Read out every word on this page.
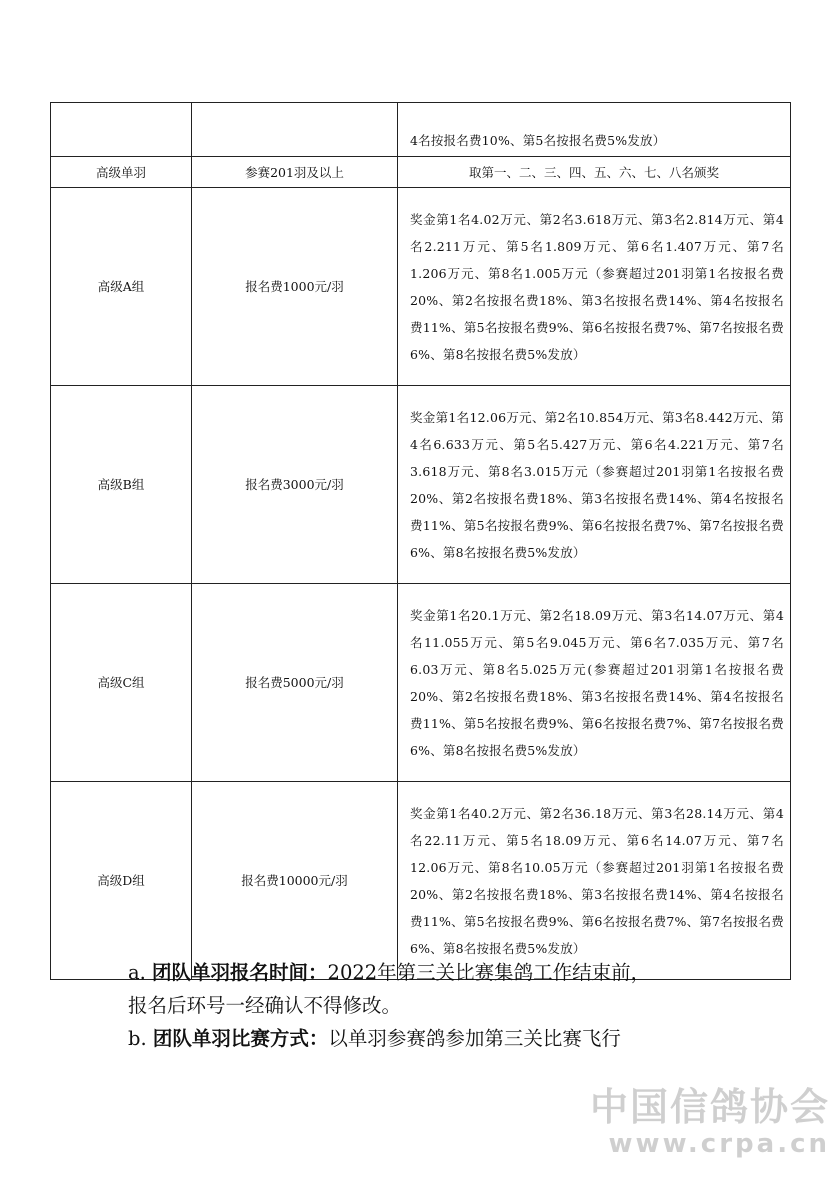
		4名按报名费10%、第5名按报名费5%发放）

高级单羽	参赛201羽及以上	取第一、二、三、四、五、六、七、八名颁奖
高级A组	报名费1000元/羽	奖金第1名4.02万元、第2名3.618万元、第3名2.814万元、第4名2.211万元、第5名1.809万元、第6名1.407万元、第7名1.206万元、第8名1.005万元（参赛超过201羽第1名按报名费20%、第2名按报名费18%、第3名按报名费14%、第4名按报名费11%、第5名按报名费9%、第6名按报名费7%、第7名按报名费6%、第8名按报名费5%发放）

高级B组	报名费3000元/羽	奖金第1名12.06万元、第2名10.854万元、第3名8.442万元、第4名6.633万元、第5名5.427万元、第6名4.221万元、第7名3.618万元、第8名3.015万元（参赛超过201羽第1名按报名费20%、第2名按报名费18%、第3名按报名费14%、第4名按报名费11%、第5名按报名费9%、第6名按报名费7%、第7名按报名费6%、第8名按报名费5%发放）

高级C组	报名费5000元/羽	奖金第1名20.1万元、第2名18.09万元、第3名14.07万元、第4名11.055万元、第5名9.045万元、第6名7.035万元、第7名6.03万元、第8名5.025万元(参赛超过201羽第1名按报名费20%、第2名按报名费18%、第3名按报名费14%、第4名按报名费11%、第5名按报名费9%、第6名按报名费7%、第7名按报名费6%、第8名按报名费5%发放）

高级D组	报名费10000元/羽	奖金第1名40.2万元、第2名36.18万元、第3名28.14万元、第4名22.11万元、第5名18.09万元、第6名14.07万元、第7名12.06万元、第8名10.05万元（参赛超过201羽第1名按报名费20%、第2名按报名费18%、第3名按报名费14%、第4名按报名费11%、第5名按报名费9%、第6名按报名费7%、第7名按报名费6%、第8名按报名费5%发放）

a. 团队单羽报名时间：2022年第三关比赛集鸽工作结束前，

报名后环号一经确认不得修改。

b. 团队单羽比赛方式：以单羽参赛鸽参加第三关比赛飞行

中国信鸽协会
www.crpa.cn
